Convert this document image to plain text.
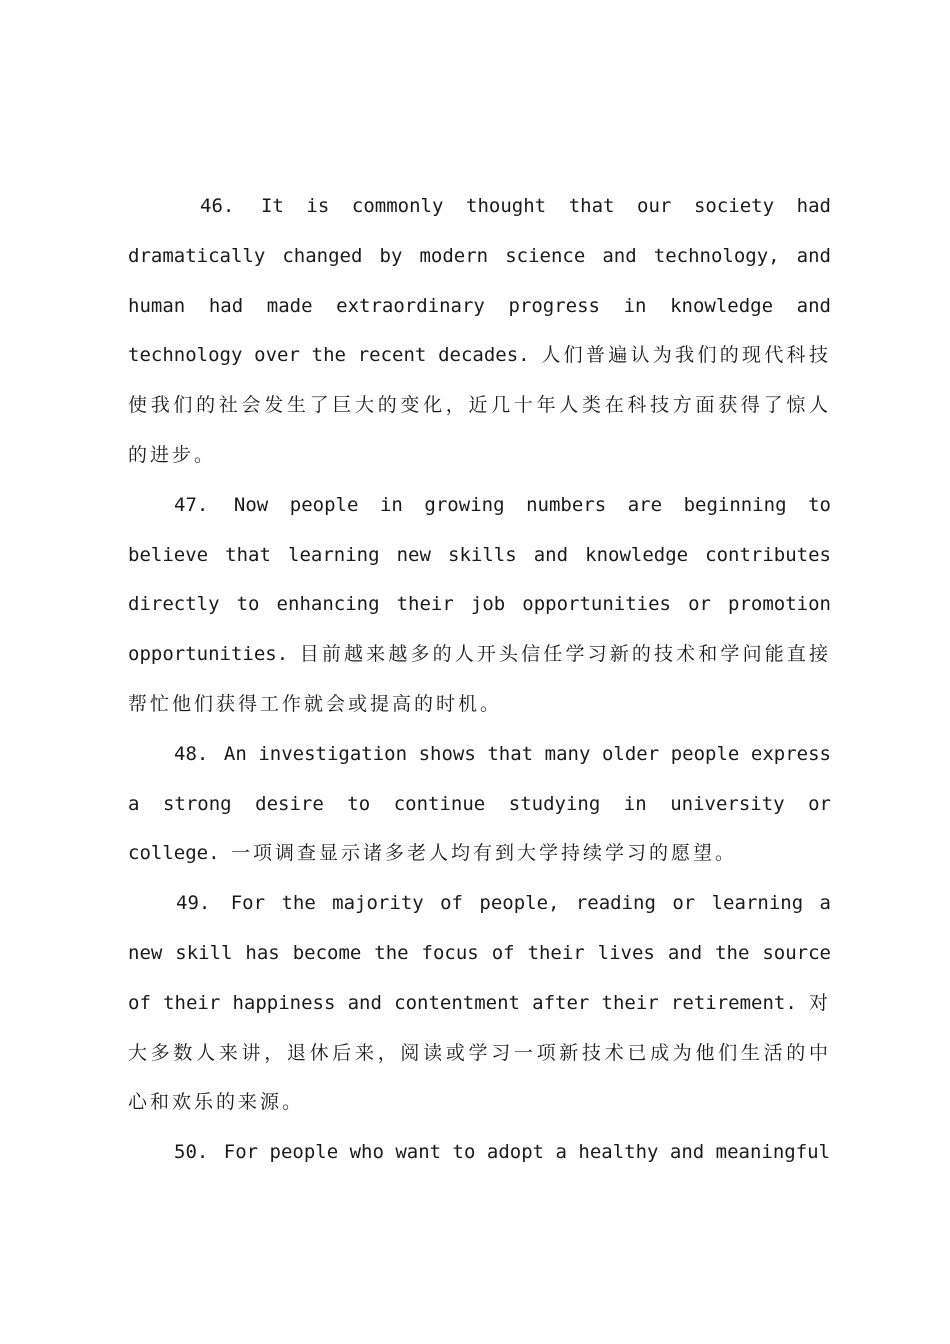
46. It is commonly thought that our society had dramatically changed by modern science and technology, and human had made extraordinary progress in knowledge and technology over the recent decades. 人们普遍认为我们的现代科技使我们的社会发生了巨大的变化，近几十年人类在科技方面获得了惊人的进步。

47. Now people in growing numbers are beginning to believe that learning new skills and knowledge contributes directly to enhancing their job opportunities or promotion opportunities. 目前越来越多的人开头信任学习新的技术和学问能直接帮忙他们获得工作就会或提高的时机。

48. An investigation shows that many older people express a strong desire to continue studying in university or college. 一项调查显示诸多老人均有到大学持续学习的愿望。

49. For the majority of people, reading or learning a new skill has become the focus of their lives and the source of their happiness and contentment after their retirement. 对大多数人来讲，退休后来，阅读或学习一项新技术已成为他们生活的中心和欢乐的来源。

50. For people who want to adopt a healthy and meaningful
